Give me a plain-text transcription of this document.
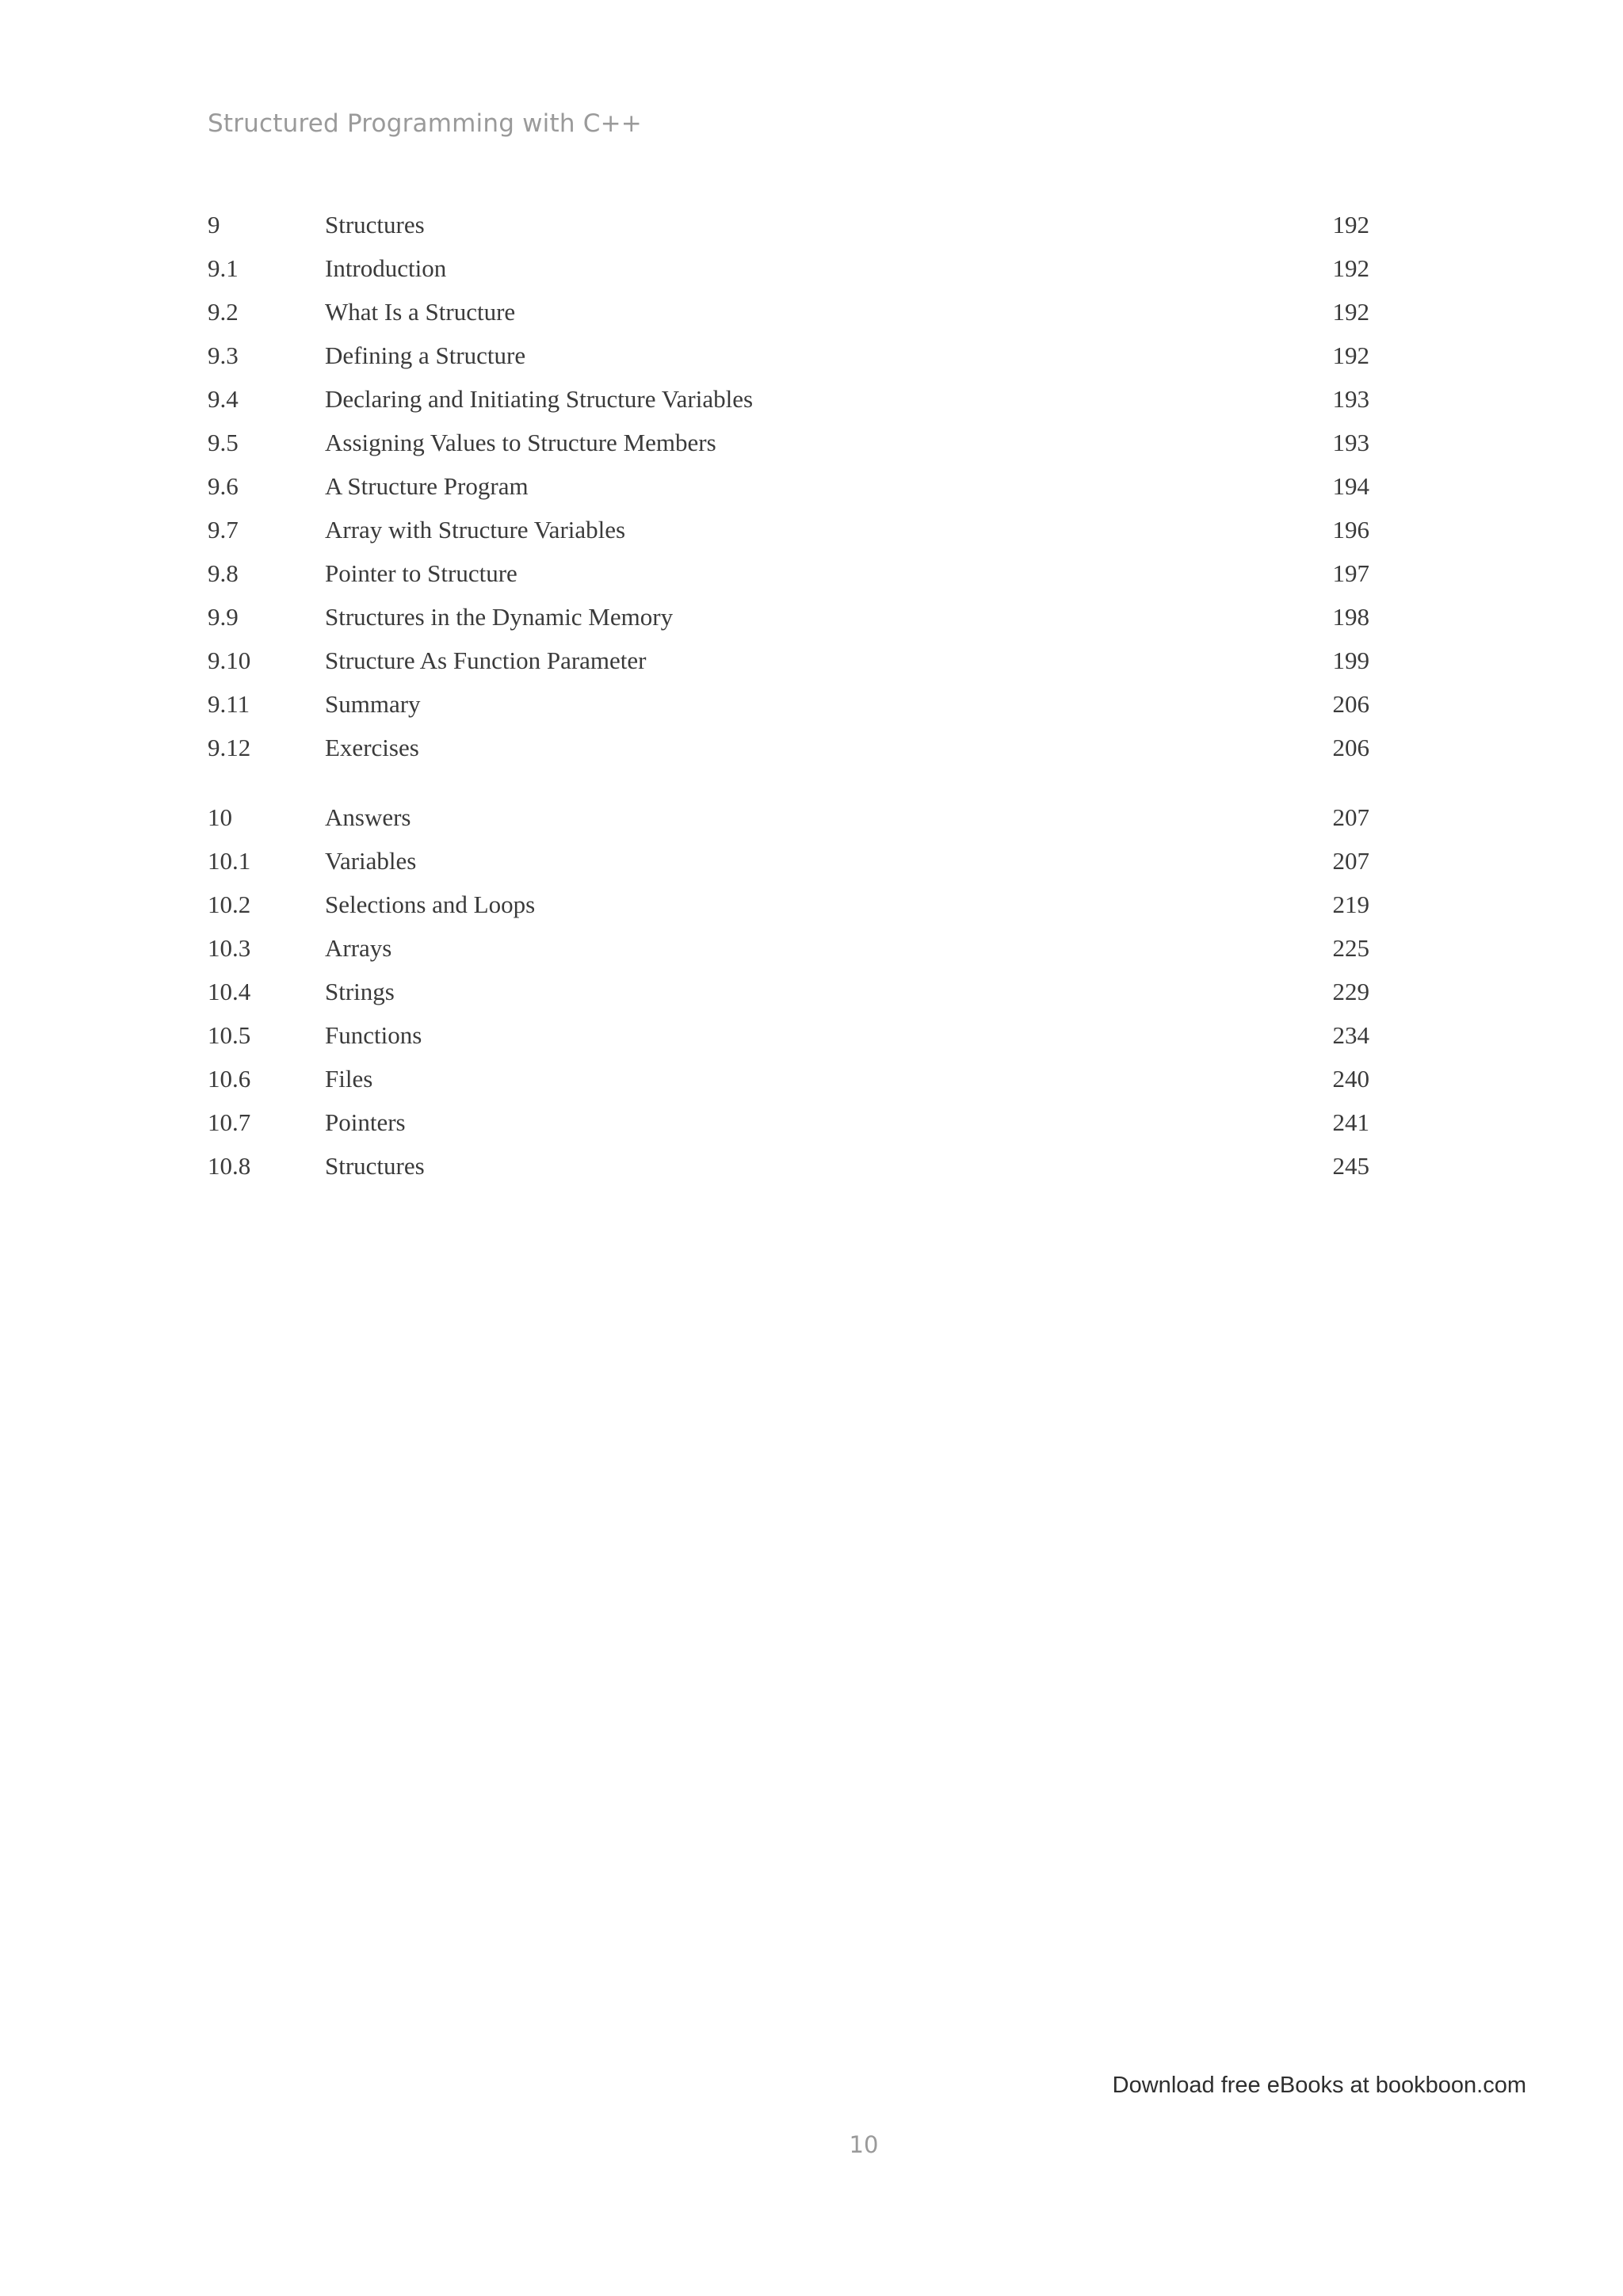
Structured Programming with C++
9	Structures	192
9.1	Introduction	192
9.2	What Is a Structure	192
9.3	Defining a Structure	192
9.4	Declaring and Initiating Structure Variables	193
9.5	Assigning Values to Structure Members	193
9.6	A Structure Program	194
9.7	Array with Structure Variables	196
9.8	Pointer to Structure	197
9.9	Structures in the Dynamic Memory	198
9.10	Structure As Function Parameter	199
9.11	Summary	206
9.12	Exercises	206
10	Answers	207
10.1	Variables	207
10.2	Selections and Loops	219
10.3	Arrays	225
10.4	Strings	229
10.5	Functions	234
10.6	Files	240
10.7	Pointers	241
10.8	Structures	245
Download free eBooks at bookboon.com
10
